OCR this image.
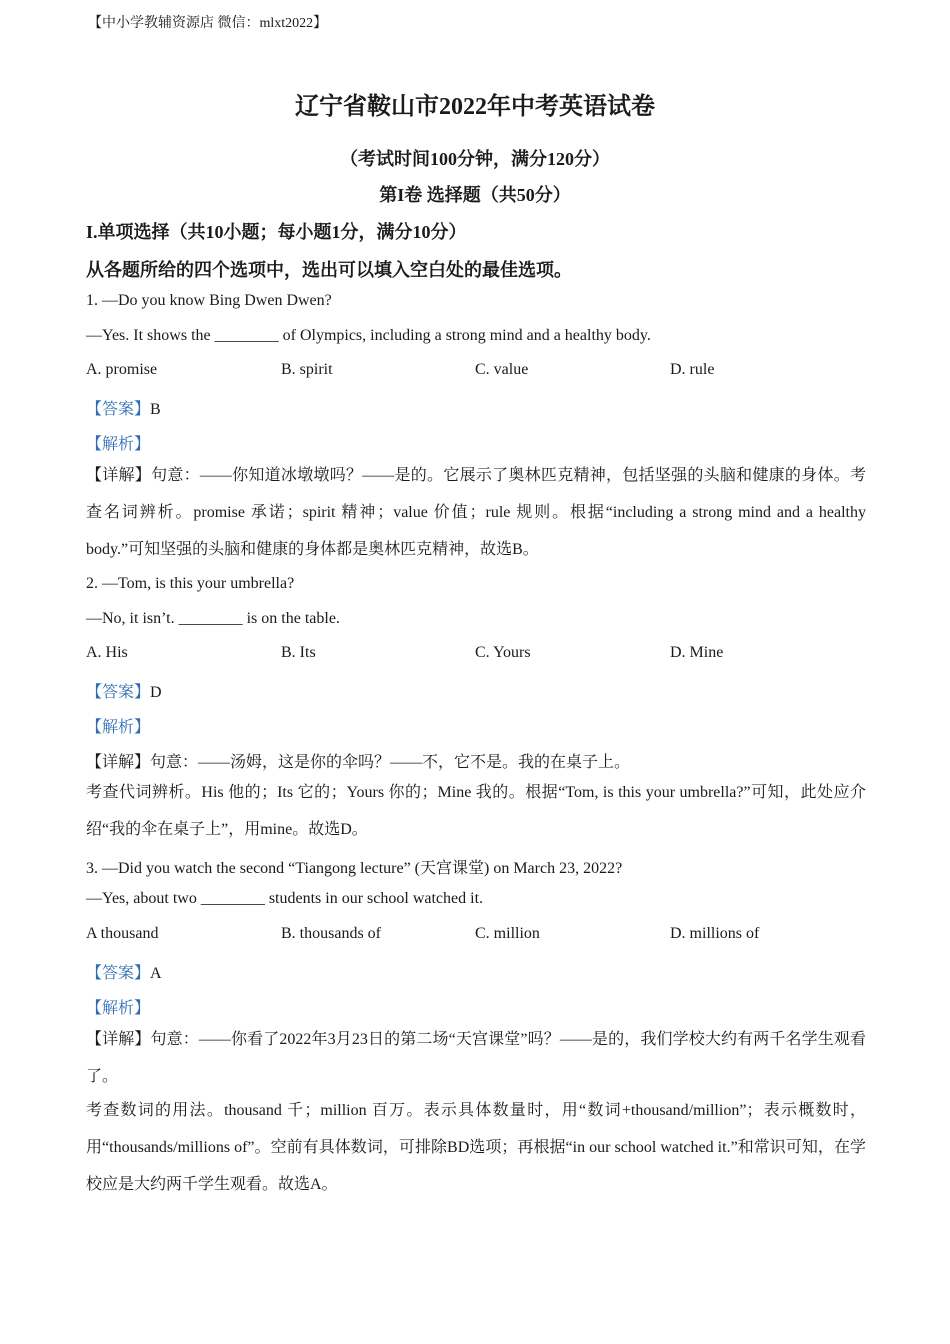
【中小学教辅资源店 微信：mlxt2022】
辽宁省鞍山市2022年中考英语试卷
（考试时间100分钟，满分120分）
第I卷 选择题（共50分）
I.单项选择（共10小题；每小题1分，满分10分）
从各题所给的四个选项中，选出可以填入空白处的最佳选项。
1. —Do you know Bing Dwen Dwen?
—Yes. It shows the ________ of Olympics, including a strong mind and a healthy body.
A. promise	B. spirit	C. value	D. rule
【答案】B
【解析】
【详解】句意：——你知道冰墩墩吗？——是的。它展示了奥林匹克精神，包括坚强的头脑和健康的身体。考查名词辨析。promise 承诺；spirit 精神；value 价值；rule 规则。根据“including a strong mind and a healthy body.”可知坚强的头脑和健康的身体都是奥林匹克精神，故选B。
2. —Tom, is this your umbrella?
—No, it isn’t. ________ is on the table.
A. His	B. Its	C. Yours	D. Mine
【答案】D
【解析】
【详解】句意：——汤姆，这是你的伞吗？——不，它不是。我的在桌子上。
考查代词辨析。His 他的；Its 它的；Yours 你的；Mine 我的。根据“Tom, is this your umbrella?”可知，此处应介绍“我的伞在桌子上”，用mine。故选D。
3. —Did you watch the second “Tiangong lecture” (天宫课堂) on March 23, 2022?
—Yes, about two ________ students in our school watched it.
A thousand	B. thousands of	C. million	D. millions of
【答案】A
【解析】
【详解】句意：——你看了2022年3月23日的第二场“天宫课堂”吗？——是的，我们学校大约有两千名学生观看了。
考查数词的用法。thousand 千；million 百万。表示具体数量时，用“数词+thousand/million”；表示概数时，用“thousands/millions of”。空前有具体数词，可排除BD选项；再根据“in our school watched it.”和常识可知，在学校应是大约两千学生观看。故选A。
